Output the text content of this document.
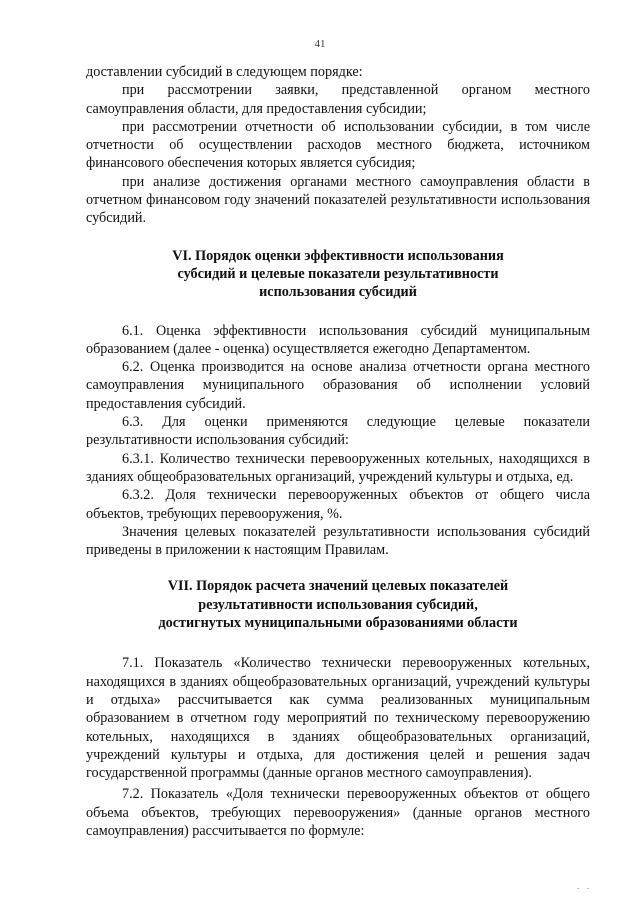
41

доставлении субсидий в следующем порядке:

при рассмотрении заявки, представленной органом местного самоуправления области, для предоставления субсидии;

при рассмотрении отчетности об использовании субсидии, в том числе отчетности об осуществлении расходов местного бюджета, источником финансового обеспечения которых является субсидия;

при анализе достижения органами местного самоуправления области в отчетном финансовом году значений показателей результативности использования субсидий.

VI. Порядок оценки эффективности использования
субсидий и целевые показатели результативности
использования субсидий

6.1. Оценка эффективности использования субсидий муниципальным образованием (далее - оценка) осуществляется ежегодно Департаментом.

6.2. Оценка производится на основе анализа отчетности органа местного самоуправления муниципального образования об исполнении условий предоставления субсидий.

6.3. Для оценки применяются следующие целевые показатели результативности использования субсидий:

6.3.1. Количество технически перевооруженных котельных, находящихся в зданиях общеобразовательных организаций, учреждений культуры и отдыха, ед.

6.3.2. Доля технически перевооруженных объектов от общего числа объектов, требующих перевооружения, %.

Значения целевых показателей результативности использования субсидий приведены в приложении к настоящим Правилам.

VII. Порядок расчета значений целевых показателей
результативности использования субсидий,
достигнутых муниципальными образованиями области

7.1. Показатель «Количество технически перевооруженных котельных, находящихся в зданиях общеобразовательных организаций, учреждений культуры и отдыха» рассчитывается как сумма реализованных муниципальным образованием в отчетном году мероприятий по техническому перевооружению котельных, находящихся в зданиях общеобразовательных организаций, учреждений культуры и отдыха, для достижения целей и решения задач государственной программы (данные органов местного самоуправления).

7.2. Показатель «Доля технически перевооруженных объектов от общего объема объектов, требующих перевооружения» (данные органов местного самоуправления) рассчитывается по формуле:

. .
